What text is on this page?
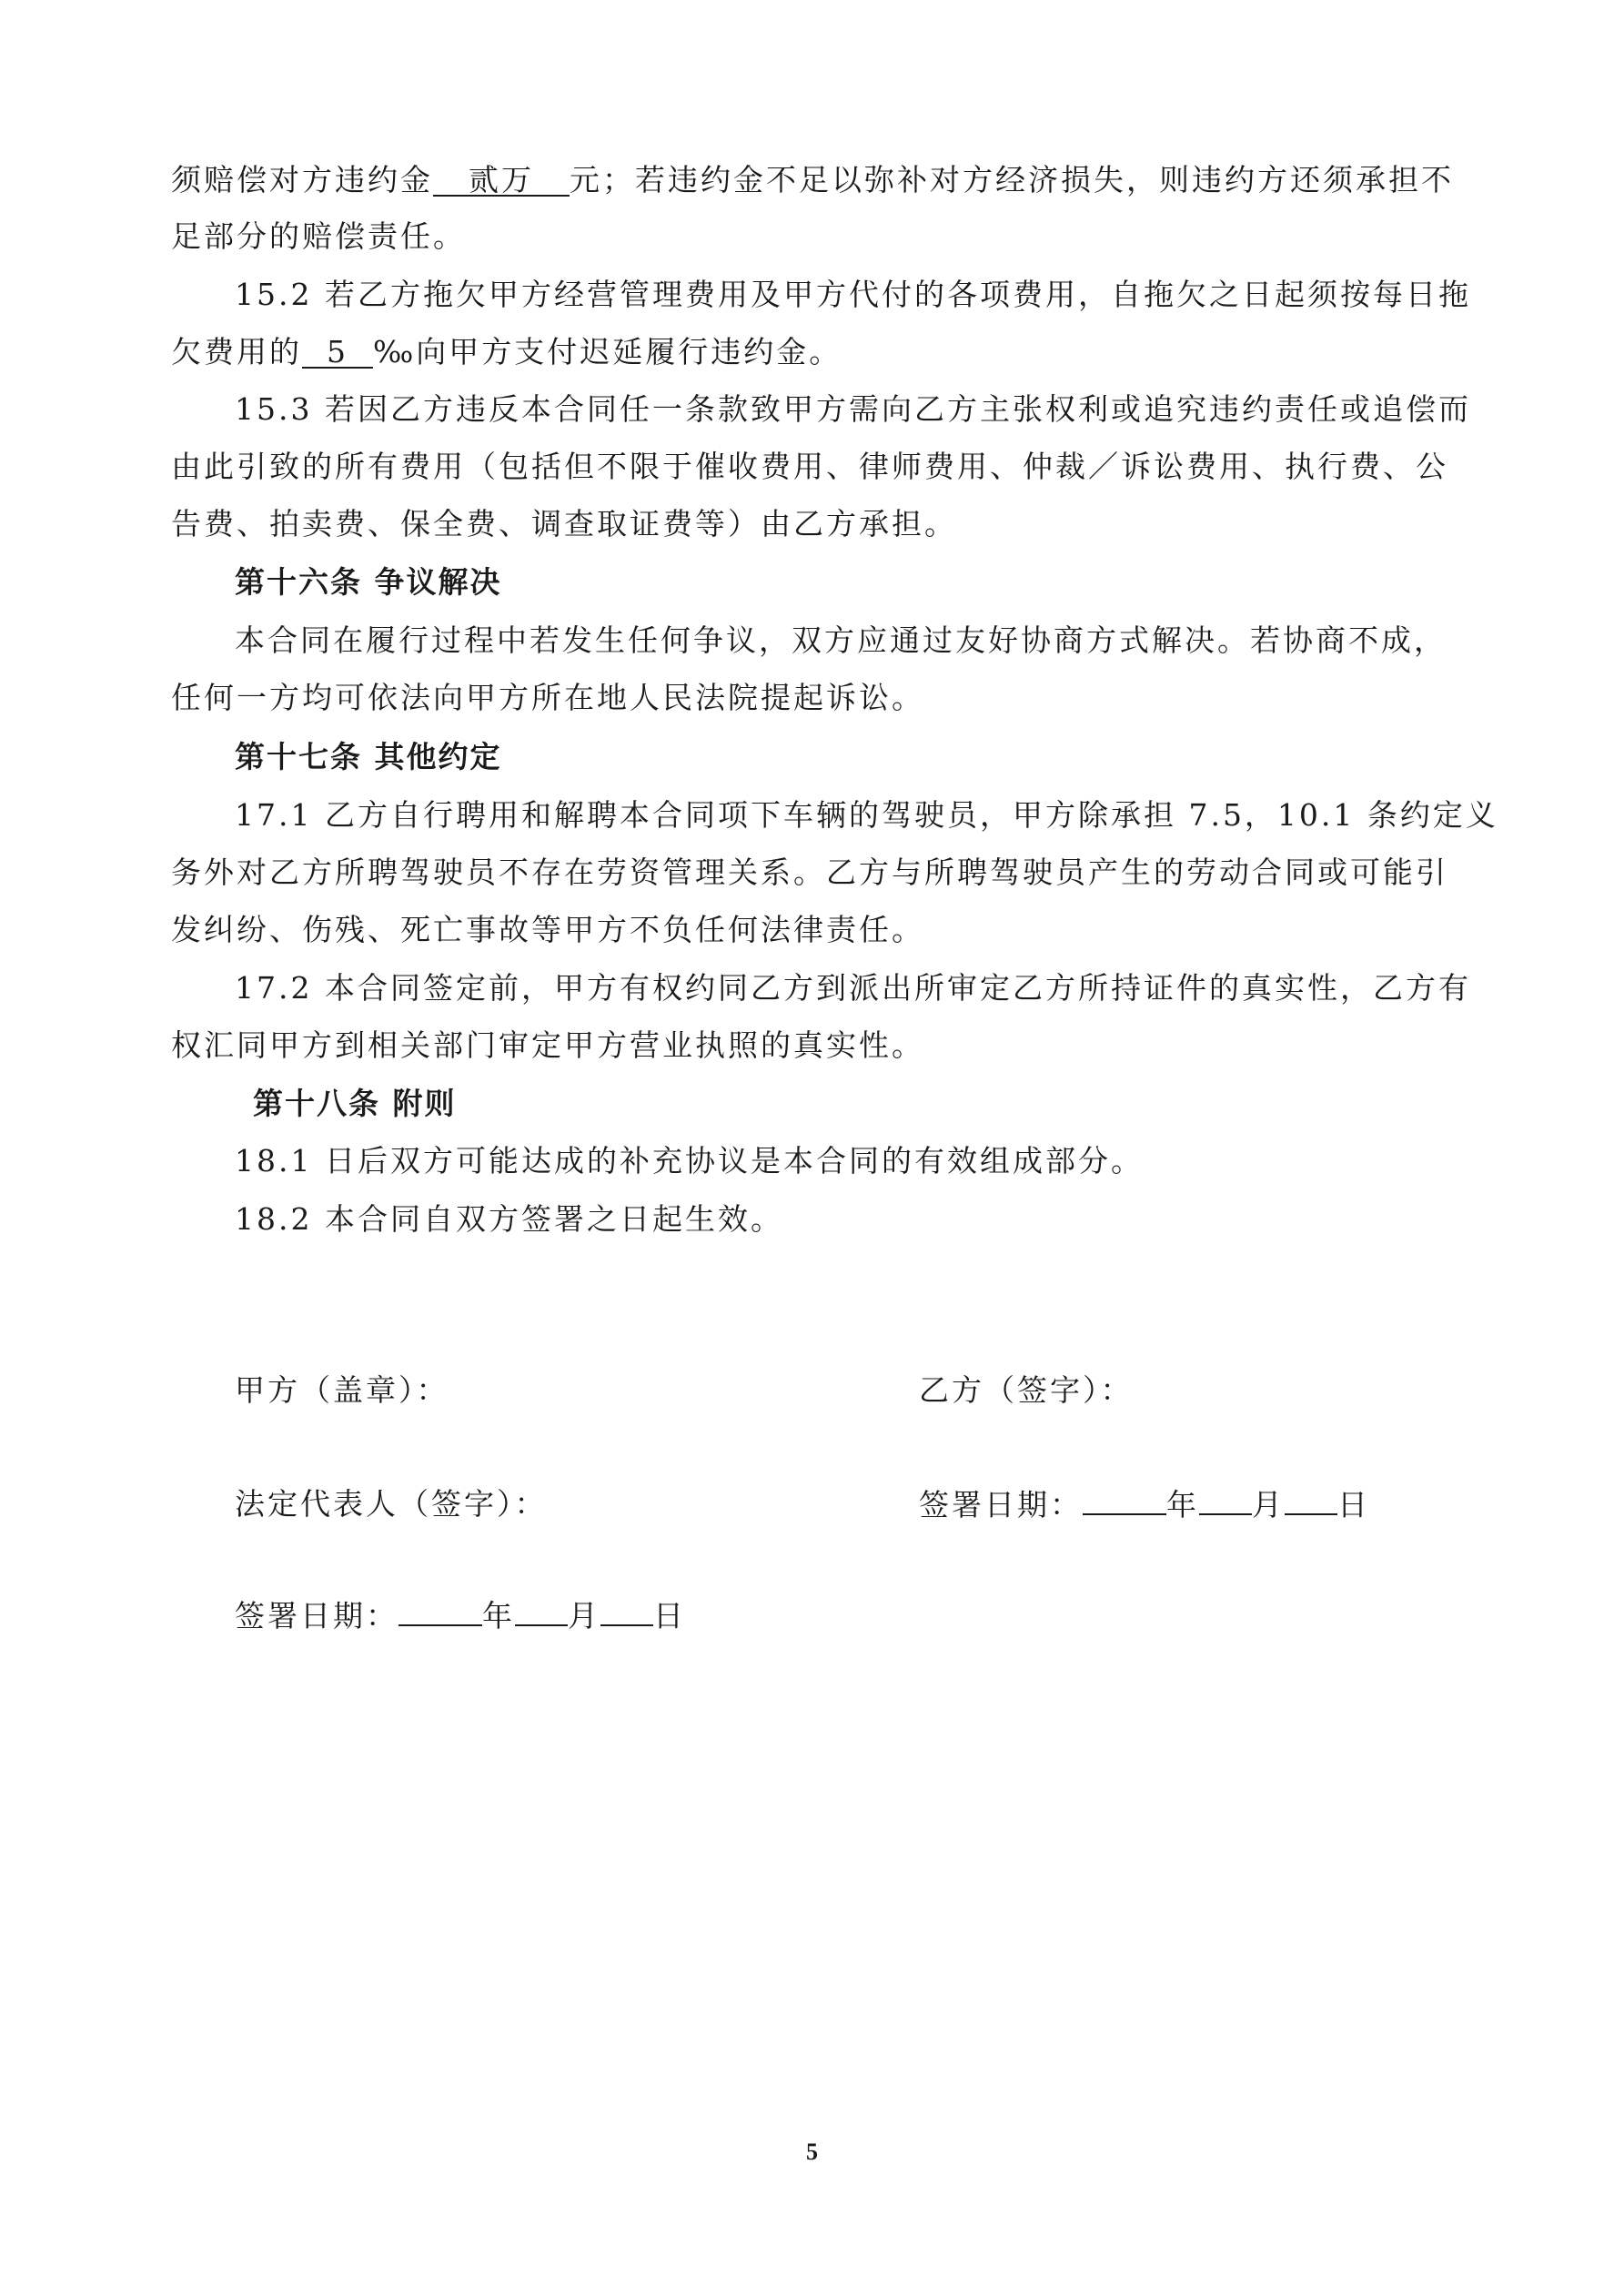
须赔偿对方违约金 贰万 元；若违约金不足以弥补对方经济损失，则违约方还须承担不
足部分的赔偿责任。
15.2 若乙方拖欠甲方经营管理费用及甲方代付的各项费用，自拖欠之日起须按每日拖
欠费用的 5 ‰向甲方支付迟延履行违约金。
15.3 若因乙方违反本合同任一条款致甲方需向乙方主张权利或追究违约责任或追偿而
由此引致的所有费用（包括但不限于催收费用、律师费用、仲裁／诉讼费用、执行费、公
告费、拍卖费、保全费、调查取证费等）由乙方承担。
第十六条 争议解决
本合同在履行过程中若发生任何争议，双方应通过友好协商方式解决。若协商不成，
任何一方均可依法向甲方所在地人民法院提起诉讼。
第十七条 其他约定
17.1 乙方自行聘用和解聘本合同项下车辆的驾驶员，甲方除承担 7.5，10.1 条约定义
务外对乙方所聘驾驶员不存在劳资管理关系。乙方与所聘驾驶员产生的劳动合同或可能引
发纠纷、伤残、死亡事故等甲方不负任何法律责任。
17.2 本合同签定前，甲方有权约同乙方到派出所审定乙方所持证件的真实性，乙方有
权汇同甲方到相关部门审定甲方营业执照的真实性。
第十八条 附则
18.1 日后双方可能达成的补充协议是本合同的有效组成部分。
18.2 本合同自双方签署之日起生效。
甲方（盖章）：	乙方（签字）：
法定代表人（签字）：	签署日期：	年 月 日
签署日期：	年 月 日
5
